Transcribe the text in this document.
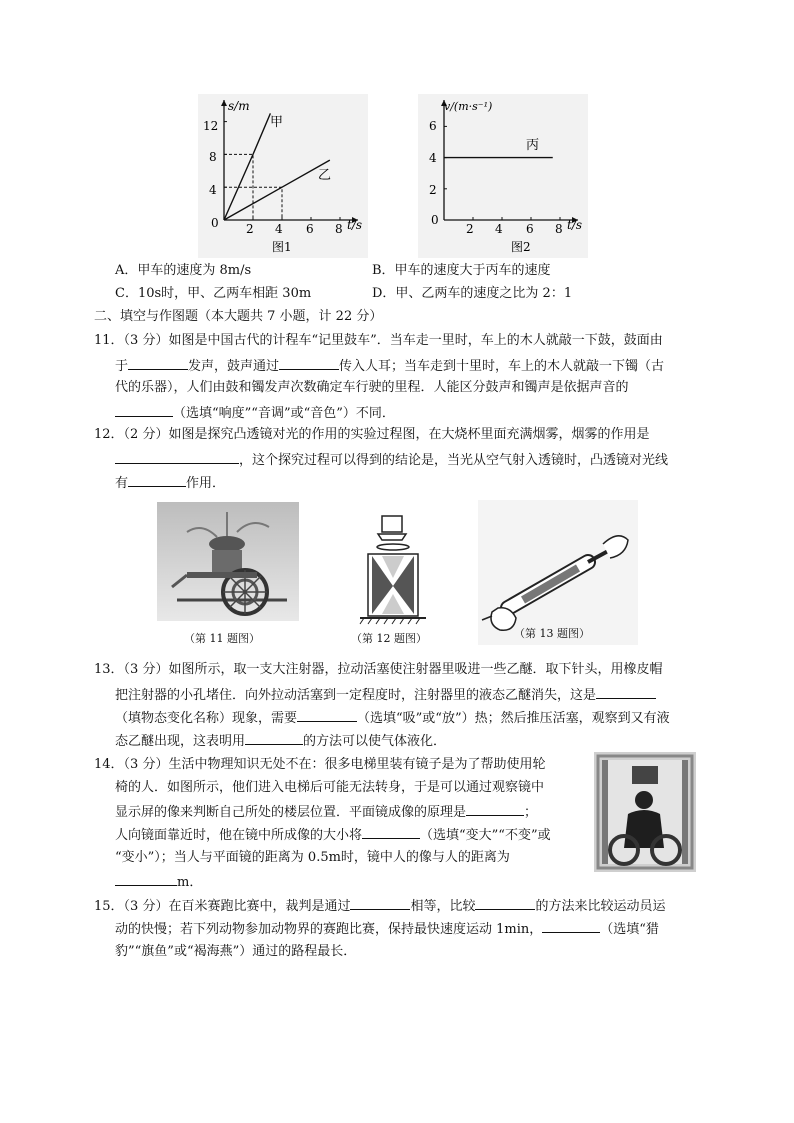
s/m
t/s
12
8
4
0 2 4 6 8
甲
乙
图1
v/(m·s⁻¹)
t/s
6
4
2
0
2 4 6 8
丙
图2
A．甲车的速度为 8m/s	B．甲车的速度大于丙车的速度
C．10s时，甲、乙两车相距 30m	D．甲、乙两车的速度之比为 2：1
二、填空与作图题（本大题共 7 小题，计 22 分）
11．（3 分）如图是中国古代的计程车“记里鼓车”．当车走一里时，车上的木人就敲一下鼓，鼓面由
于	发声，鼓声通过	传入人耳；当车走到十里时，车上的木人就敲一下镯（古
代的乐器），人们由鼓和镯发声次数确定车行驶的里程．人能区分鼓声和镯声是依据声音的
（选填“响度”“音调”或“音色”）不同．
12．（2 分）如图是探究凸透镜对光的作用的实验过程图，在大烧杯里面充满烟雾，烟雾的作用是
，这个探究过程可以得到的结论是，当光从空气射入透镜时，凸透镜对光线
有	作用．
（第 11 题图）	（第 12 题图）	（第 13 题图）
13．（3 分）如图所示，取一支大注射器，拉动活塞使注射器里吸进一些乙醚．取下针头，用橡皮帽
把注射器的小孔堵住．向外拉动活塞到一定程度时，注射器里的液态乙醚消失，这是
（填物态变化名称）现象，需要	（选填“吸”或“放”）热；然后推压活塞，观察到又有液
态乙醚出现，这表明用	的方法可以使气体液化．
14．（3 分）生活中物理知识无处不在：很多电梯里装有镜子是为了帮助使用轮
椅的人．如图所示，他们进入电梯后可能无法转身，于是可以通过观察镜中
显示屏的像来判断自己所处的楼层位置．平面镜成像的原理是	；
人向镜面靠近时，他在镜中所成像的大小将	（选填“变大”“不变”或
“变小”）；当人与平面镜的距离为 0.5m时，镜中人的像与人的距离为
m．
15．（3 分）在百米赛跑比赛中，裁判是通过	相等，比较	的方法来比较运动员运
动的快慢；若下列动物参加动物界的赛跑比赛，保持最快速度运动 1min，	（选填“猎
豹”“旗鱼”或“褐海燕”）通过的路程最长．
